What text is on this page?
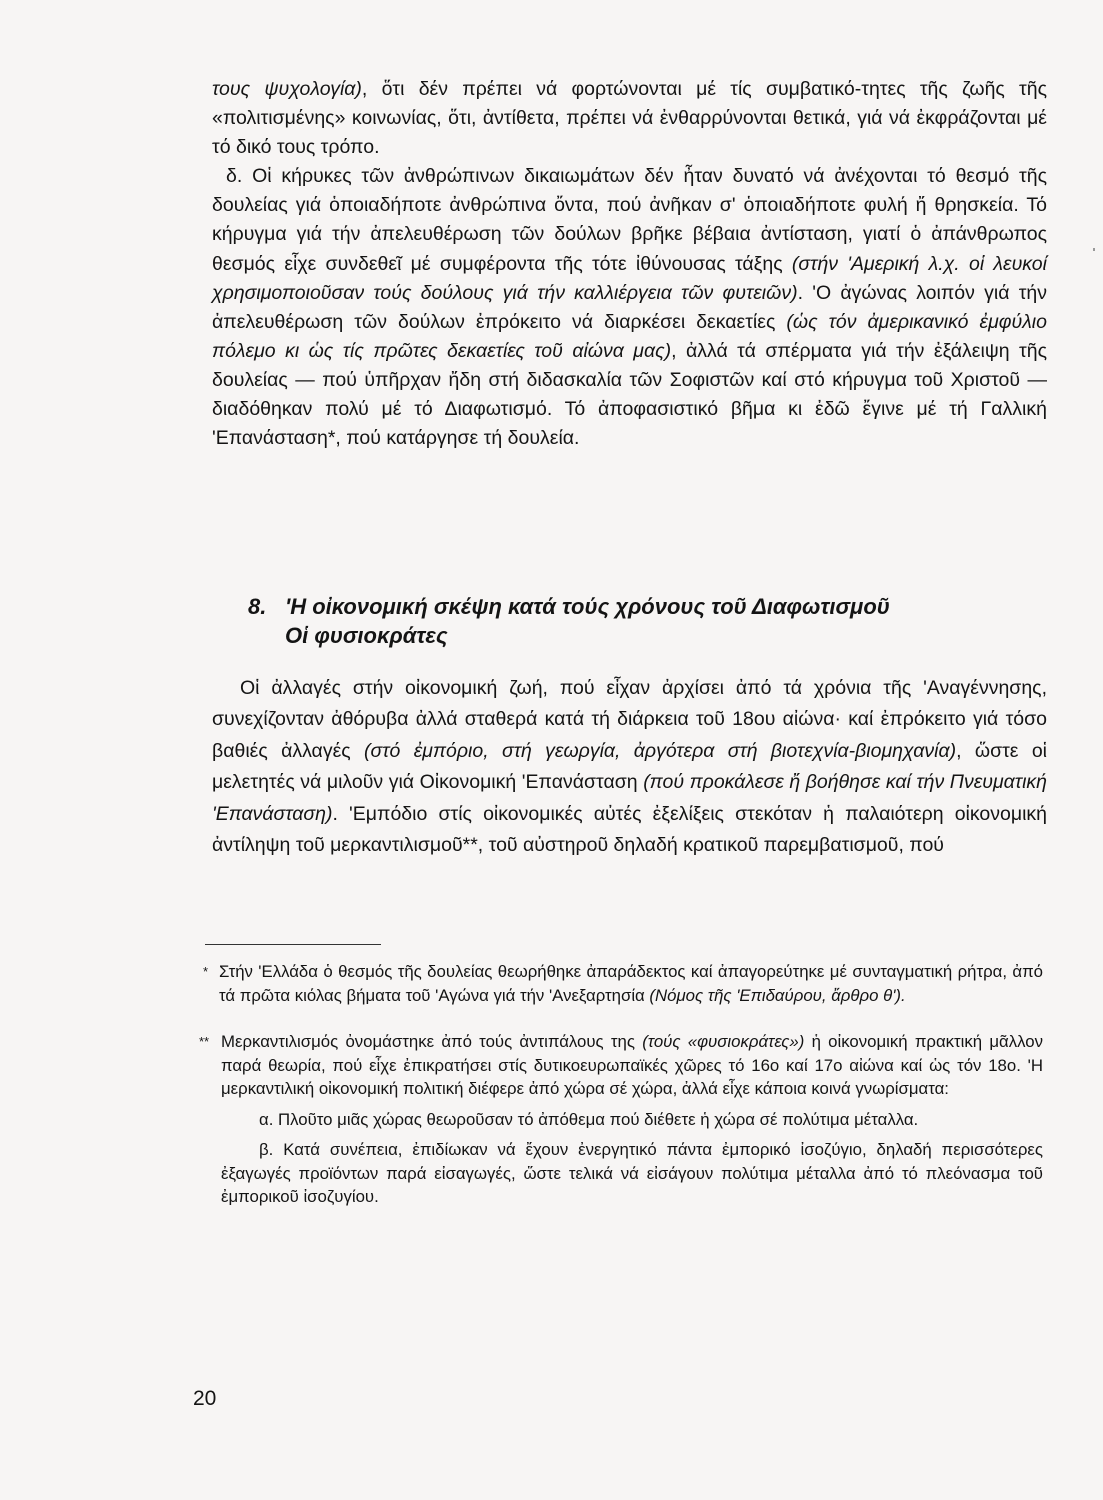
τους ψυχολογία), ὅτι δέν πρέπει νά φορτώνονται μέ τίς συμβατικό-τητες τῆς ζωῆς τῆς «πολιτισμένης» κοινωνίας, ὅτι, ἀντίθετα, πρέπει νά ἐνθαρρύνονται θετικά, γιά νά ἐκφράζονται μέ τό δικό τους τρόπο.

δ. Οἱ κήρυκες τῶν ἀνθρώπινων δικαιωμάτων δέν ἦταν δυνατό νά ἀνέχονται τό θεσμό τῆς δουλείας γιά ὁποιαδήποτε ἀνθρώπινα ὄντα, πού ἀνῆκαν σ' ὁποιαδήποτε φυλή ἤ θρησκεία. Τό κήρυγμα γιά τήν ἀπελευθέρωση τῶν δούλων βρῆκε βέβαια ἀντίσταση, γιατί ὁ ἀπάνθρωπος θεσμός εἶχε συνδεθεῖ μέ συμφέροντα τῆς τότε ἰθύνουσας τάξης (στήν 'Αμερική λ.χ. οἱ λευκοί χρησιμοποιοῦσαν τούς δούλους γιά τήν καλλιέργεια τῶν φυτειῶν). 'Ο ἀγώνας λοιπόν γιά τήν ἀπελευθέρωση τῶν δούλων ἐπρόκειτο νά διαρκέσει δεκαετίες (ὡς τόν ἀμερικανικό ἐμφύλιο πόλεμο κι ὡς τίς πρῶτες δεκαετίες τοῦ αἰώνα μας), ἀλλά τά σπέρματα γιά τήν ἐξάλειψη τῆς δουλείας — πού ὑπῆρχαν ἤδη στή διδασκαλία τῶν Σοφιστῶν καί στό κήρυγμα τοῦ Χριστοῦ — διαδόθηκαν πολύ μέ τό Διαφωτισμό. Τό ἀποφασιστικό βῆμα κι ἐδῶ ἔγινε μέ τή Γαλλική 'Επανάσταση*, πού κατάργησε τή δουλεία.

8. 'Η οἰκονομική σκέψη κατά τούς χρόνους τοῦ Διαφωτισμοῦ
Οἱ φυσιοκράτες

Οἱ ἀλλαγές στήν οἰκονομική ζωή, πού εἶχαν ἀρχίσει ἀπό τά χρόνια τῆς 'Αναγέννησης, συνεχίζονταν ἀθόρυβα ἀλλά σταθερά κατά τή διάρκεια τοῦ 18ου αἰώνα· καί ἐπρόκειτο γιά τόσο βαθιές ἀλλαγές (στό ἐμπόριο, στή γεωργία, ἀργότερα στή βιοτεχνία-βιομηχανία), ὥστε οἱ μελετητές νά μιλοῦν γιά Οἰκονομική 'Επανάσταση (πού προκάλεσε ἤ βοήθησε καί τήν Πνευματική 'Επανάσταση). 'Εμπόδιο στίς οἰκονομικές αὐτές ἐξελίξεις στεκόταν ἡ παλαιότερη οἰκονομική ἀντίληψη τοῦ μερκαντιλισμοῦ**, τοῦ αὐστηροῦ δηλαδή κρατικοῦ παρεμβατισμοῦ, πού

* Στήν 'Ελλάδα ὁ θεσμός τῆς δουλείας θεωρήθηκε ἀπαράδεκτος καί ἀπαγορεύτηκε μέ συνταγματική ρήτρα, ἀπό τά πρῶτα κιόλας βήματα τοῦ 'Αγώνα γιά τήν 'Ανεξαρτησία (Νόμος τῆς 'Επιδαύρου, ἄρθρο θ').
** Μερκαντιλισμός ὀνομάστηκε ἀπό τούς ἀντιπάλους της (τούς «φυσιοκράτες») ἡ οἰκονομική πρακτική μᾶλλον παρά θεωρία, πού εἶχε ἐπικρατήσει στίς δυτικοευρωπαϊκές χῶρες τό 16ο καί 17ο αἰώνα καί ὡς τόν 18ο. 'Η μερκαντιλική οἰκονομική πολιτική διέφερε ἀπό χώρα σέ χώρα, ἀλλά εἶχε κάποια κοινά γνωρίσματα:

α. Πλοῦτο μιᾶς χώρας θεωροῦσαν τό ἀπόθεμα πού διέθετε ἡ χώρα σέ πολύτιμα μέταλλα.

β. Κατά συνέπεια, ἐπιδίωκαν νά ἔχουν ἐνεργητικό πάντα ἐμπορικό ἰσοζύγιο, δηλαδή περισσότερες ἐξαγωγές προϊόντων παρά εἰσαγωγές, ὥστε τελικά νά εἰσάγουν πολύτιμα μέταλλα ἀπό τό πλεόνασμα τοῦ ἐμπορικοῦ ἰσοζυγίου.

20
